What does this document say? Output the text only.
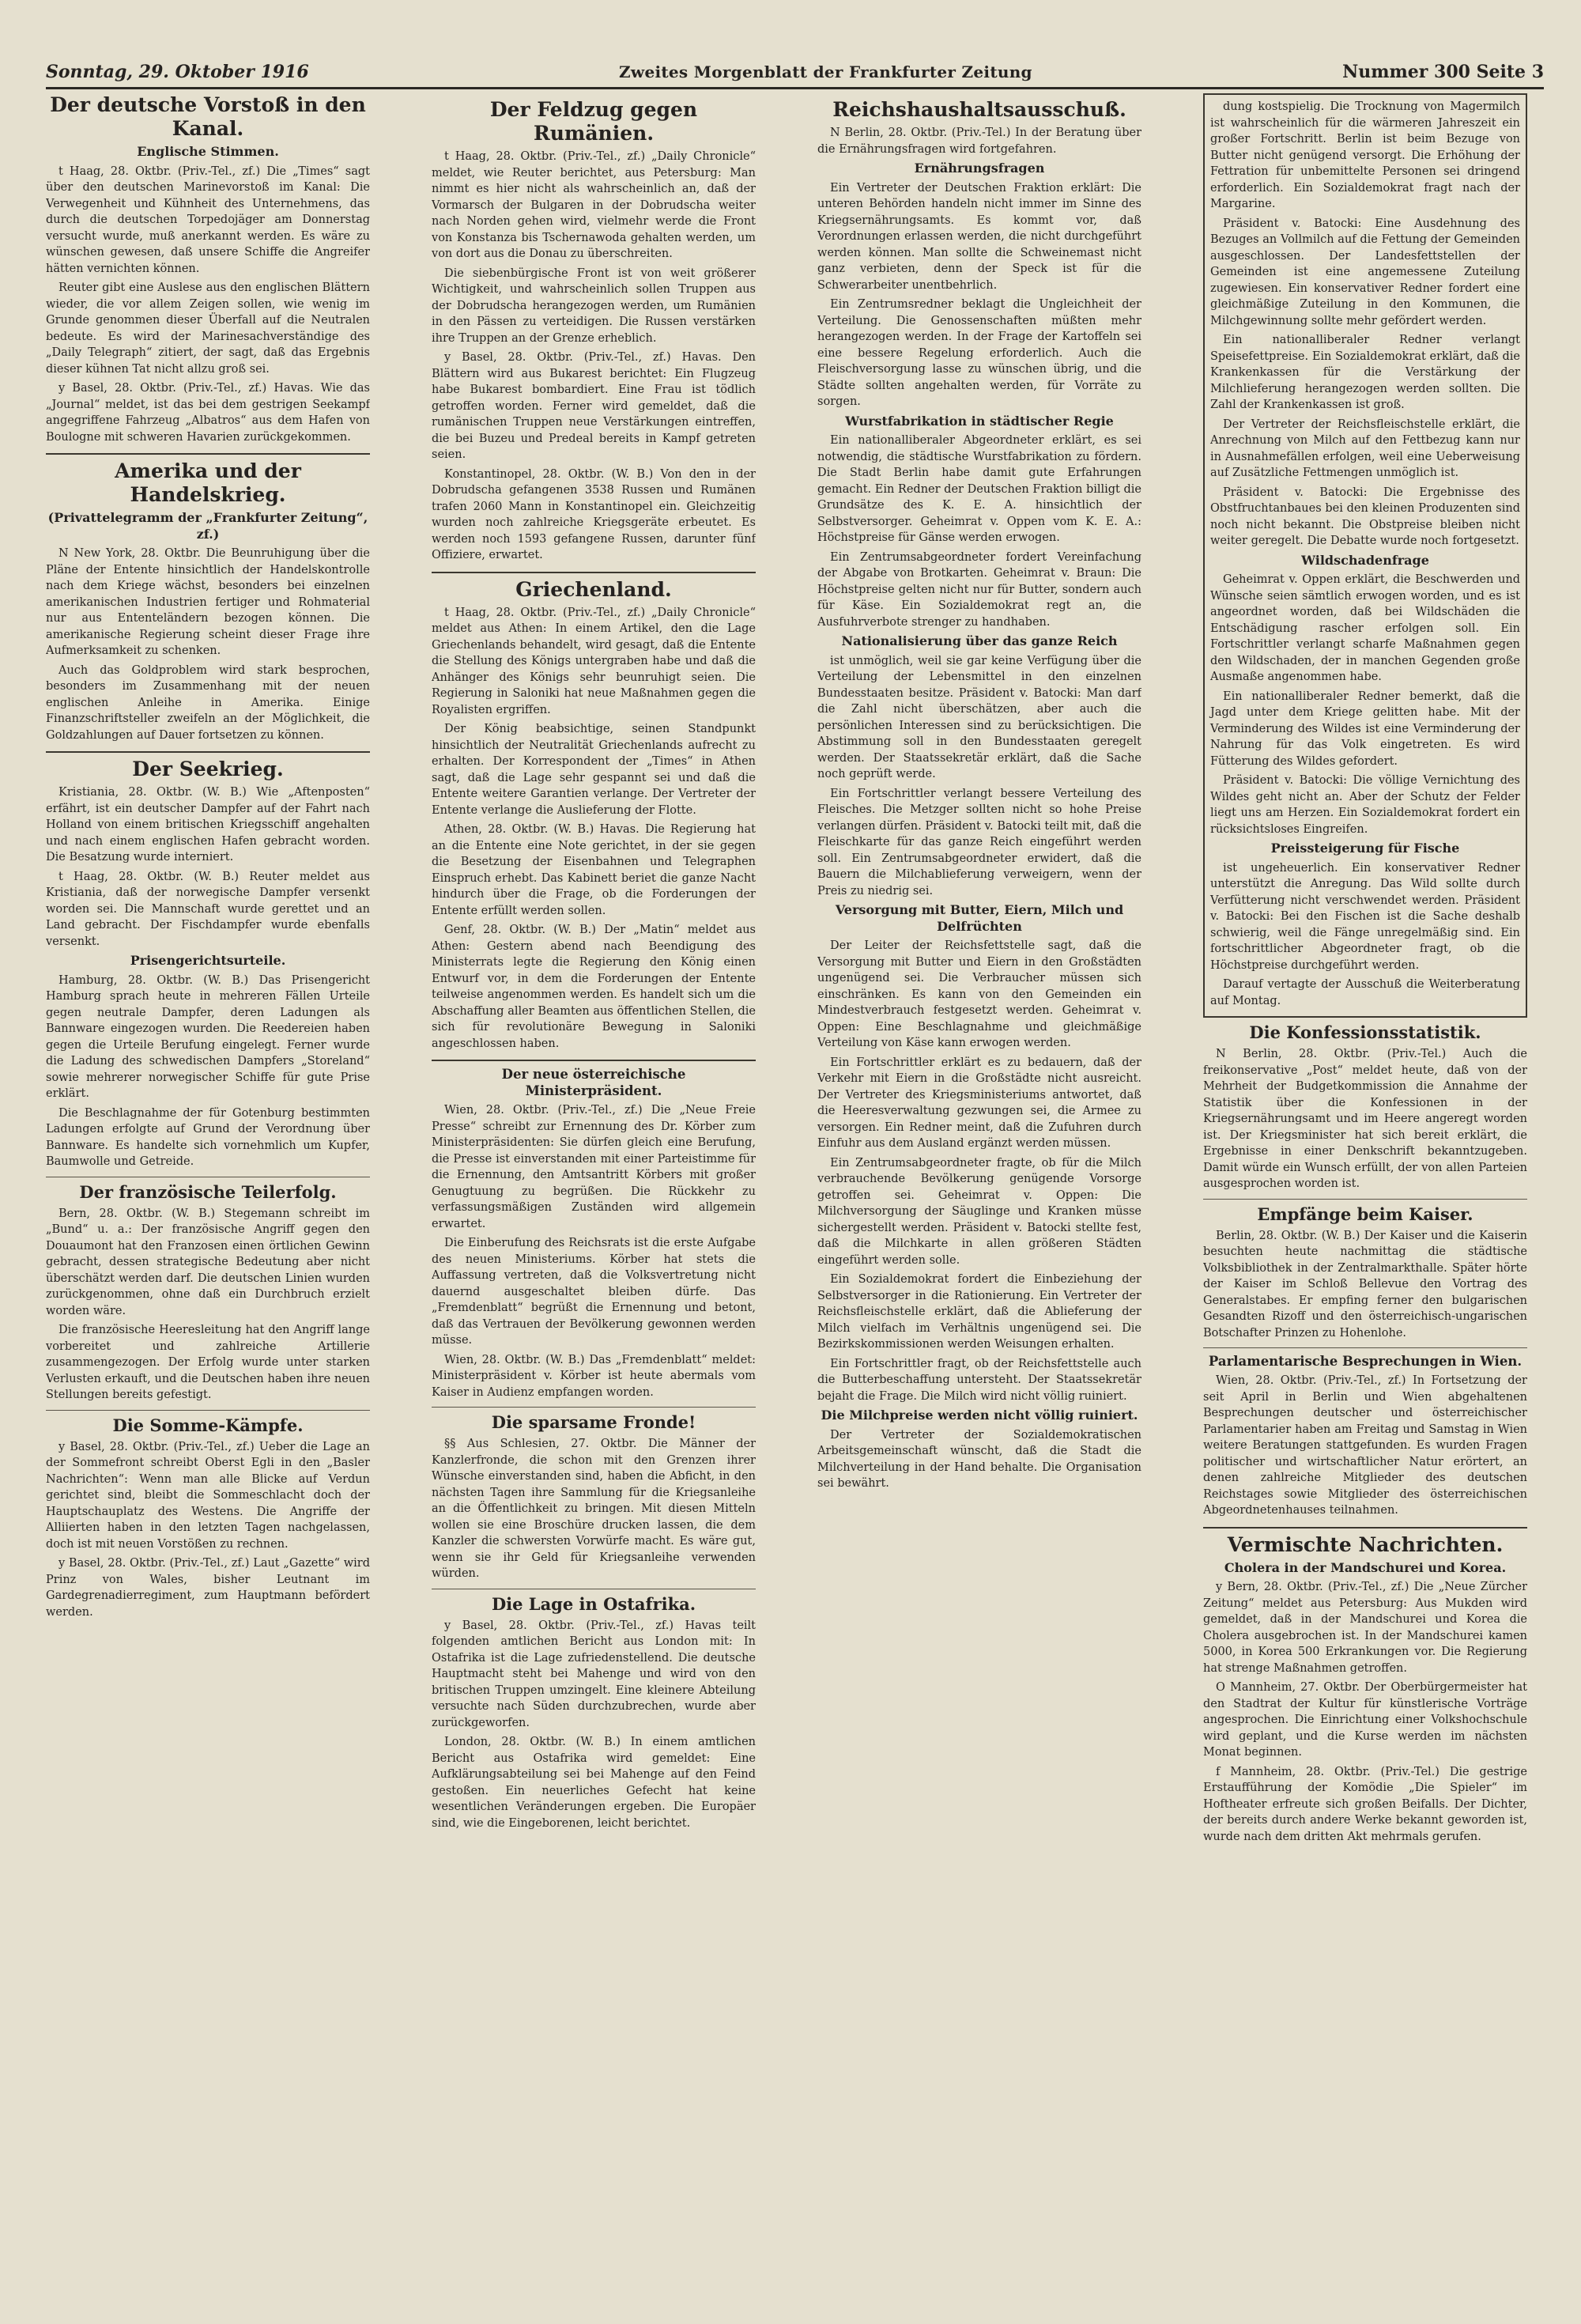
Sonntag, 29. Oktober 1916	Zweites Morgenblatt der Frankfurter Zeitung	Nummer 300 Seite 3
Der deutsche Vorstoß in den Kanal.
Englische Stimmen.

t Haag, 28. Oktbr. (Priv.-Tel., zf.) Die „Times“ sagt über den deutschen Marinevorstoß im Kanal: Die Verwegenheit und Kühnheit des Unternehmens, das durch die deutschen Torpedojäger am Donnerstag versucht wurde, muß anerkannt werden. Es wäre zu wünschen gewesen, daß unsere Schiffe die Angreifer hätten vernichten können.

Reuter gibt eine Auslese aus den englischen Blättern wieder, die vor allem Zeigen sollen, wie wenig im Grunde genommen dieser Überfall auf die Neutralen bedeute. Es wird der Marinesachverständige des „Daily Telegraph“ zitiert, der sagt, daß das Ergebnis dieser kühnen Tat nicht allzu groß sei.

y Basel, 28. Oktbr. (Priv.-Tel., zf.) Havas. Wie das „Journal“ meldet, ist das bei dem gestrigen Seekampf angegriffene Fahrzeug „Albatros“ aus dem Hafen von Boulogne mit schweren Havarien zurückgekommen.

Amerika und der Handelskrieg.
(Privattelegramm der „Frankfurter Zeitung“, zf.)

N New York, 28. Oktbr. Die Beunruhigung über die Pläne der Entente hinsichtlich der Handelskontrolle nach dem Kriege wächst, besonders bei einzelnen amerikanischen Industrien fertiger und Rohmaterial nur aus Ententeländern bezogen können. Die amerikanische Regierung scheint dieser Frage ihre Aufmerksamkeit zu schenken.

Auch das Goldproblem wird stark besprochen, besonders im Zusammenhang mit der neuen englischen Anleihe in Amerika. Einige Finanzschriftsteller zweifeln an der Möglichkeit, die Goldzahlungen auf Dauer fortsetzen zu können.

Der Seekrieg.

Kristiania, 28. Oktbr. (W. B.) Wie „Aftenposten“ erfährt, ist ein deutscher Dampfer auf der Fahrt nach Holland von einem britischen Kriegsschiff angehalten und nach einem englischen Hafen gebracht worden. Die Besatzung wurde interniert.

t Haag, 28. Oktbr. (W. B.) Reuter meldet aus Kristiania, daß der norwegische Dampfer versenkt worden sei. Die Mannschaft wurde gerettet und an Land gebracht. Der Fischdampfer wurde ebenfalls versenkt.

Prisengerichtsurteile.

Hamburg, 28. Oktbr. (W. B.) Das Prisengericht Hamburg sprach heute in mehreren Fällen Urteile gegen neutrale Dampfer, deren Ladungen als Bannware eingezogen wurden. Die Reedereien haben gegen die Urteile Berufung eingelegt. Ferner wurde die Ladung des schwedischen Dampfers „Storeland“ sowie mehrerer norwegischer Schiffe für gute Prise erklärt.

Die Beschlagnahme der für Gotenburg bestimmten Ladungen erfolgte auf Grund der Verordnung über Bannware. Es handelte sich vornehmlich um Kupfer, Baumwolle und Getreide.

Der französische Teilerfolg.

Bern, 28. Oktbr. (W. B.) Stegemann schreibt im „Bund“ u. a.: Der französische Angriff gegen den Douaumont hat den Franzosen einen örtlichen Gewinn gebracht, dessen strategische Bedeutung aber nicht überschätzt werden darf. Die deutschen Linien wurden zurückgenommen, ohne daß ein Durchbruch erzielt worden wäre.

Die französische Heeresleitung hat den Angriff lange vorbereitet und zahlreiche Artillerie zusammengezogen. Der Erfolg wurde unter starken Verlusten erkauft, und die Deutschen haben ihre neuen Stellungen bereits gefestigt.

Die Somme-Kämpfe.

y Basel, 28. Oktbr. (Priv.-Tel., zf.) Ueber die Lage an der Sommefront schreibt Oberst Egli in den „Basler Nachrichten“: Wenn man alle Blicke auf Verdun gerichtet sind, bleibt die Sommeschlacht doch der Hauptschauplatz des Westens. Die Angriffe der Alliierten haben in den letzten Tagen nachgelassen, doch ist mit neuen Vorstößen zu rechnen.

y Basel, 28. Oktbr. (Priv.-Tel., zf.) Laut „Gazette“ wird Prinz von Wales, bisher Leutnant im Gardegrenadierregiment, zum Hauptmann befördert werden.

Der Feldzug gegen Rumänien.

t Haag, 28. Oktbr. (Priv.-Tel., zf.) „Daily Chronicle“ meldet, wie Reuter berichtet, aus Petersburg: Man nimmt es hier nicht als wahrscheinlich an, daß der Vormarsch der Bulgaren in der Dobrudscha weiter nach Norden gehen wird, vielmehr werde die Front von Konstanza bis Tschernawoda gehalten werden, um von dort aus die Donau zu überschreiten.

Die siebenbürgische Front ist von weit größerer Wichtigkeit, und wahrscheinlich sollen Truppen aus der Dobrudscha herangezogen werden, um Rumänien in den Pässen zu verteidigen. Die Russen verstärken ihre Truppen an der Grenze erheblich.

y Basel, 28. Oktbr. (Priv.-Tel., zf.) Havas. Den Blättern wird aus Bukarest berichtet: Ein Flugzeug habe Bukarest bombardiert. Eine Frau ist tödlich getroffen worden. Ferner wird gemeldet, daß die rumänischen Truppen neue Verstärkungen eintreffen, die bei Buzeu und Predeal bereits in Kampf getreten seien.

Konstantinopel, 28. Oktbr. (W. B.) Von den in der Dobrudscha gefangenen 3538 Russen und Rumänen trafen 2060 Mann in Konstantinopel ein. Gleichzeitig wurden noch zahlreiche Kriegsgeräte erbeutet. Es werden noch 1593 gefangene Russen, darunter fünf Offiziere, erwartet.

Griechenland.

t Haag, 28. Oktbr. (Priv.-Tel., zf.) „Daily Chronicle“ meldet aus Athen: In einem Artikel, den die Lage Griechenlands behandelt, wird gesagt, daß die Entente die Stellung des Königs untergraben habe und daß die Anhänger des Königs sehr beunruhigt seien. Die Regierung in Saloniki hat neue Maßnahmen gegen die Royalisten ergriffen.

Der König beabsichtige, seinen Standpunkt hinsichtlich der Neutralität Griechenlands aufrecht zu erhalten. Der Korrespondent der „Times“ in Athen sagt, daß die Lage sehr gespannt sei und daß die Entente weitere Garantien verlange. Der Vertreter der Entente verlange die Auslieferung der Flotte.

Athen, 28. Oktbr. (W. B.) Havas. Die Regierung hat an die Entente eine Note gerichtet, in der sie gegen die Besetzung der Eisenbahnen und Telegraphen Einspruch erhebt. Das Kabinett beriet die ganze Nacht hindurch über die Frage, ob die Forderungen der Entente erfüllt werden sollen.

Genf, 28. Oktbr. (W. B.) Der „Matin“ meldet aus Athen: Gestern abend nach Beendigung des Ministerrats legte die Regierung den König einen Entwurf vor, in dem die Forderungen der Entente teilweise angenommen werden. Es handelt sich um die Abschaffung aller Beamten aus öffentlichen Stellen, die sich für revolutionäre Bewegung in Saloniki angeschlossen haben.

Der neue österreichische Ministerpräsident.

Wien, 28. Oktbr. (Priv.-Tel., zf.) Die „Neue Freie Presse“ schreibt zur Ernennung des Dr. Körber zum Ministerpräsidenten: Sie dürfen gleich eine Berufung, die Presse ist einverstanden mit einer Parteistimme für die Ernennung, den Amtsantritt Körbers mit großer Genugtuung zu begrüßen. Die Rückkehr zu verfassungsmäßigen Zuständen wird allgemein erwartet.

Die Einberufung des Reichsrats ist die erste Aufgabe des neuen Ministeriums. Körber hat stets die Auffassung vertreten, daß die Volksvertretung nicht dauernd ausgeschaltet bleiben dürfe. Das „Fremdenblatt“ begrüßt die Ernennung und betont, daß das Vertrauen der Bevölkerung gewonnen werden müsse.

Wien, 28. Oktbr. (W. B.) Das „Fremdenblatt“ meldet: Ministerpräsident v. Körber ist heute abermals vom Kaiser in Audienz empfangen worden.

Die sparsame Fronde!

§§ Aus Schlesien, 27. Oktbr. Die Männer der Kanzlerfronde, die schon mit den Grenzen ihrer Wünsche einverstanden sind, haben die Abficht, in den nächsten Tagen ihre Sammlung für die Kriegsanleihe an die Öffentlichkeit zu bringen. Mit diesen Mitteln wollen sie eine Broschüre drucken lassen, die dem Kanzler die schwersten Vorwürfe macht. Es wäre gut, wenn sie ihr Geld für Kriegsanleihe verwenden würden.

Die Lage in Ostafrika.

y Basel, 28. Oktbr. (Priv.-Tel., zf.) Havas teilt folgenden amtlichen Bericht aus London mit: In Ostafrika ist die Lage zufriedenstellend. Die deutsche Hauptmacht steht bei Mahenge und wird von den britischen Truppen umzingelt. Eine kleinere Abteilung versuchte nach Süden durchzubrechen, wurde aber zurückgeworfen.

London, 28. Oktbr. (W. B.) In einem amtlichen Bericht aus Ostafrika wird gemeldet: Eine Aufklärungsabteilung sei bei Mahenge auf den Feind gestoßen. Ein neuerliches Gefecht hat keine wesentlichen Veränderungen ergeben. Die Europäer sind, wie die Eingeborenen, leicht berichtet.

Reichshaushaltsausschuß.

N Berlin, 28. Oktbr. (Priv.-Tel.) In der Beratung über die Ernährungsfragen wird fortgefahren.

Ernährungsfragen

Ein Vertreter der Deutschen Fraktion erklärt: Die unteren Behörden handeln nicht immer im Sinne des Kriegsernährungsamts. Es kommt vor, daß Verordnungen erlassen werden, die nicht durchgeführt werden können. Man sollte die Schweinemast nicht ganz verbieten, denn der Speck ist für die Schwerarbeiter unentbehrlich.

Ein Zentrumsredner beklagt die Ungleichheit der Verteilung. Die Genossenschaften müßten mehr herangezogen werden. In der Frage der Kartoffeln sei eine bessere Regelung erforderlich. Auch die Fleischversorgung lasse zu wünschen übrig, und die Städte sollten angehalten werden, für Vorräte zu sorgen.

Wurstfabrikation in städtischer Regie

Ein nationalliberaler Abgeordneter erklärt, es sei notwendig, die städtische Wurstfabrikation zu fördern. Die Stadt Berlin habe damit gute Erfahrungen gemacht. Ein Redner der Deutschen Fraktion billigt die Grundsätze des K. E. A. hinsichtlich der Selbstversorger. Geheimrat v. Oppen vom K. E. A.: Höchstpreise für Gänse werden erwogen.

Ein Zentrumsabgeordneter fordert Vereinfachung der Abgabe von Brotkarten. Geheimrat v. Braun: Die Höchstpreise gelten nicht nur für Butter, sondern auch für Käse. Ein Sozialdemokrat regt an, die Ausfuhrverbote strenger zu handhaben.

Nationalisierung über das ganze Reich

ist unmöglich, weil sie gar keine Verfügung über die Verteilung der Lebensmittel in den einzelnen Bundesstaaten besitze. Präsident v. Batocki: Man darf die Zahl nicht überschätzen, aber auch die persönlichen Interessen sind zu berücksichtigen. Die Abstimmung soll in den Bundesstaaten geregelt werden. Der Staatssekretär erklärt, daß die Sache noch geprüft werde.

Ein Fortschrittler verlangt bessere Verteilung des Fleisches. Die Metzger sollten nicht so hohe Preise verlangen dürfen. Präsident v. Batocki teilt mit, daß die Fleischkarte für das ganze Reich eingeführt werden soll. Ein Zentrumsabgeordneter erwidert, daß die Bauern die Milchablieferung verweigern, wenn der Preis zu niedrig sei.

Versorgung mit Butter, Eiern, Milch und Delfrüchten

Der Leiter der Reichsfettstelle sagt, daß die Versorgung mit Butter und Eiern in den Großstädten ungenügend sei. Die Verbraucher müssen sich einschränken. Es kann von den Gemeinden ein Mindestverbrauch festgesetzt werden. Geheimrat v. Oppen: Eine Beschlagnahme und gleichmäßige Verteilung von Käse kann erwogen werden.

Ein Fortschrittler erklärt es zu bedauern, daß der Verkehr mit Eiern in die Großstädte nicht ausreicht. Der Vertreter des Kriegsministeriums antwortet, daß die Heeresverwaltung gezwungen sei, die Armee zu versorgen. Ein Redner meint, daß die Zufuhren durch Einfuhr aus dem Ausland ergänzt werden müssen.

Ein Zentrumsabgeordneter fragte, ob für die Milch verbrauchende Bevölkerung genügende Vorsorge getroffen sei. Geheimrat v. Oppen: Die Milchversorgung der Säuglinge und Kranken müsse sichergestellt werden. Präsident v. Batocki stellte fest, daß die Milchkarte in allen größeren Städten eingeführt werden solle.

Ein Sozialdemokrat fordert die Einbeziehung der Selbstversorger in die Rationierung. Ein Vertreter der Reichsfleischstelle erklärt, daß die Ablieferung der Milch vielfach im Verhältnis ungenügend sei. Die Bezirkskommissionen werden Weisungen erhalten.

Ein Fortschrittler fragt, ob der Reichsfettstelle auch die Butterbeschaffung untersteht. Der Staatssekretär bejaht die Frage. Die Milch wird nicht völlig ruiniert.

Die Milchpreise werden nicht völlig ruiniert.

Der Vertreter der Sozialdemokratischen Arbeitsgemeinschaft wünscht, daß die Stadt die Milchverteilung in der Hand behalte. Die Organisation sei bewährt.

dung kostspielig. Die Trocknung von Magermilch ist wahrscheinlich für die wärmeren Jahreszeit ein großer Fortschritt. Berlin ist beim Bezuge von Butter nicht genügend versorgt. Die Erhöhung der Fettration für unbemittelte Personen sei dringend erforderlich. Ein Sozialdemokrat fragt nach der Margarine.

Präsident v. Batocki: Eine Ausdehnung des Bezuges an Vollmilch auf die Fettung der Gemeinden ausgeschlossen. Der Landesfettstellen der Gemeinden ist eine angemessene Zuteilung zugewiesen. Ein konservativer Redner fordert eine gleichmäßige Zuteilung in den Kommunen, die Milchgewinnung sollte mehr gefördert werden.

Ein nationalliberaler Redner verlangt Speisefettpreise. Ein Sozialdemokrat erklärt, daß die Krankenkassen für die Verstärkung der Milchlieferung herangezogen werden sollten. Die Zahl der Krankenkassen ist groß.

Der Vertreter der Reichsfleischstelle erklärt, die Anrechnung von Milch auf den Fettbezug kann nur in Ausnahmefällen erfolgen, weil eine Ueberweisung auf Zusätzliche Fettmengen unmöglich ist.

Präsident v. Batocki: Die Ergebnisse des Obstfruchtanbaues bei den kleinen Produzenten sind noch nicht bekannt. Die Obstpreise bleiben nicht weiter geregelt. Die Debatte wurde noch fortgesetzt.

Wildschadenfrage

Geheimrat v. Oppen erklärt, die Beschwerden und Wünsche seien sämtlich erwogen worden, und es ist angeordnet worden, daß bei Wildschäden die Entschädigung rascher erfolgen soll. Ein Fortschrittler verlangt scharfe Maßnahmen gegen den Wildschaden, der in manchen Gegenden große Ausmaße angenommen habe.

Ein nationalliberaler Redner bemerkt, daß die Jagd unter dem Kriege gelitten habe. Mit der Verminderung des Wildes ist eine Verminderung der Nahrung für das Volk eingetreten. Es wird Fütterung des Wildes gefordert.

Präsident v. Batocki: Die völlige Vernichtung des Wildes geht nicht an. Aber der Schutz der Felder liegt uns am Herzen. Ein Sozialdemokrat fordert ein rücksichtsloses Eingreifen.

Preissteigerung für Fische

ist ungeheuerlich. Ein konservativer Redner unterstützt die Anregung. Das Wild sollte durch Verfütterung nicht verschwendet werden. Präsident v. Batocki: Bei den Fischen ist die Sache deshalb schwierig, weil die Fänge unregelmäßig sind. Ein fortschrittlicher Abgeordneter fragt, ob die Höchstpreise durchgeführt werden.

Darauf vertagte der Ausschuß die Weiterberatung auf Montag.

Die Konfessionsstatistik.

N Berlin, 28. Oktbr. (Priv.-Tel.) Auch die freikonservative „Post“ meldet heute, daß von der Mehrheit der Budgetkommission die Annahme der Statistik über die Konfessionen in der Kriegsernährungsamt und im Heere angeregt worden ist. Der Kriegsminister hat sich bereit erklärt, die Ergebnisse in einer Denkschrift bekanntzugeben. Damit würde ein Wunsch erfüllt, der von allen Parteien ausgesprochen worden ist.

Empfänge beim Kaiser.

Berlin, 28. Oktbr. (W. B.) Der Kaiser und die Kaiserin besuchten heute nachmittag die städtische Volksbibliothek in der Zentralmarkthalle. Später hörte der Kaiser im Schloß Bellevue den Vortrag des Generalstabes. Er empfing ferner den bulgarischen Gesandten Rizoff und den österreichisch-ungarischen Botschafter Prinzen zu Hohenlohe.

Parlamentarische Besprechungen in Wien.

Wien, 28. Oktbr. (Priv.-Tel., zf.) In Fortsetzung der seit April in Berlin und Wien abgehaltenen Besprechungen deutscher und österreichischer Parlamentarier haben am Freitag und Samstag in Wien weitere Beratungen stattgefunden. Es wurden Fragen politischer und wirtschaftlicher Natur erörtert, an denen zahlreiche Mitglieder des deutschen Reichstages sowie Mitglieder des österreichischen Abgeordnetenhauses teilnahmen.

Vermischte Nachrichten.
Cholera in der Mandschurei und Korea.

y Bern, 28. Oktbr. (Priv.-Tel., zf.) Die „Neue Zürcher Zeitung“ meldet aus Petersburg: Aus Mukden wird gemeldet, daß in der Mandschurei und Korea die Cholera ausgebrochen ist. In der Mandschurei kamen 5000, in Korea 500 Erkrankungen vor. Die Regierung hat strenge Maßnahmen getroffen.

O Mannheim, 27. Oktbr. Der Oberbürgermeister hat den Stadtrat der Kultur für künstlerische Vorträge angesprochen. Die Einrichtung einer Volkshochschule wird geplant, und die Kurse werden im nächsten Monat beginnen.

f Mannheim, 28. Oktbr. (Priv.-Tel.) Die gestrige Erstaufführung der Komödie „Die Spieler“ im Hoftheater erfreute sich großen Beifalls. Der Dichter, der bereits durch andere Werke bekannt geworden ist, wurde nach dem dritten Akt mehrmals gerufen.
